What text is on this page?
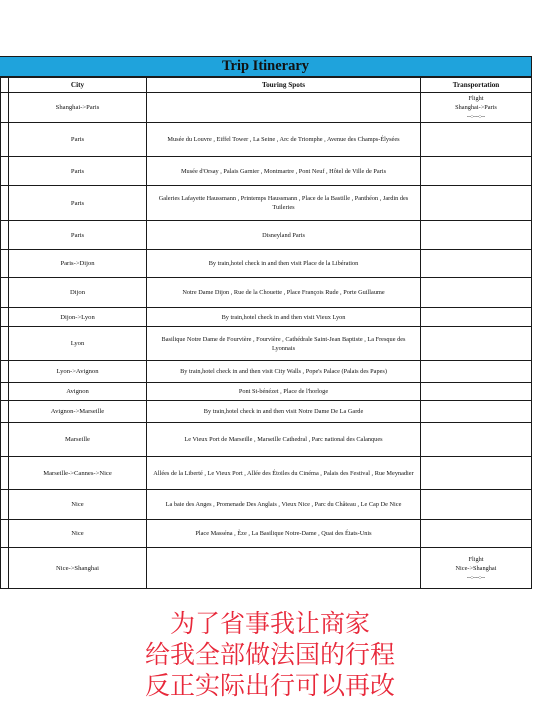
Trip Itinerary
	City	Touring Spots	Transportation
	Shanghai->Paris		Flight
Shanghai->Paris
--:---:--

	Paris	Musée du Louvre , Eiffel Tower , La Seine , Arc de Triomphe , Avenue des Champs-Élysées	
	Paris	Musée d'Orsay , Palais Garnier , Montmartre , Pont Neuf , Hôtel de Ville de Paris	
	Paris	Galeries Lafayette Haussmann , Printemps Haussmann , Place de la Bastille , Panthéon , Jardin des Tuileries	
	Paris	Disneyland Paris	
	Paris->Dijon	By train,hotel check in and then visit Place de la Libération	
	Dijon	Notre Dame Dijon , Rue de la Chouette , Place François Rude , Porte Guillaume	
	Dijon->Lyon	By train,hotel check in and then visit Vieux Lyon	
	Lyon	Basilique Notre Dame de Fourvière , Fourvière , Cathédrale Saint-Jean Baptiste , La Fresque des Lyonnais	
	Lyon->Avignon	By train,hotel check in and then visit City Walls , Pope's Palace (Palais des Papes)	
	Avignon	Pont St-bénézet , Place de l'horloge	
	Avignon->Marseille	By train,hotel check in and then visit Notre Dame De La Garde	
	Marseille	Le Vieux Port de Marseille , Marseille Cathedral , Parc national des Calanques	
	Marseille->Cannes->Nice	Allées de la Liberté , Le Vieux Port , Allée des Étoiles du Cinéma , Palais des Festival , Rue Meynadier	
	Nice	La baie des Anges , Promenade Des Anglais , Vieux Nice , Parc du Château , Le Cap De Nice	
	Nice	Place Masséna , Èze , La Basilique Notre-Dame , Quai des États-Unis	
	Nice->Shanghai		Flight
Nice->Shanghai
--:---:--
为了省事我让商家
给我全部做法国的行程
反正实际出行可以再改
